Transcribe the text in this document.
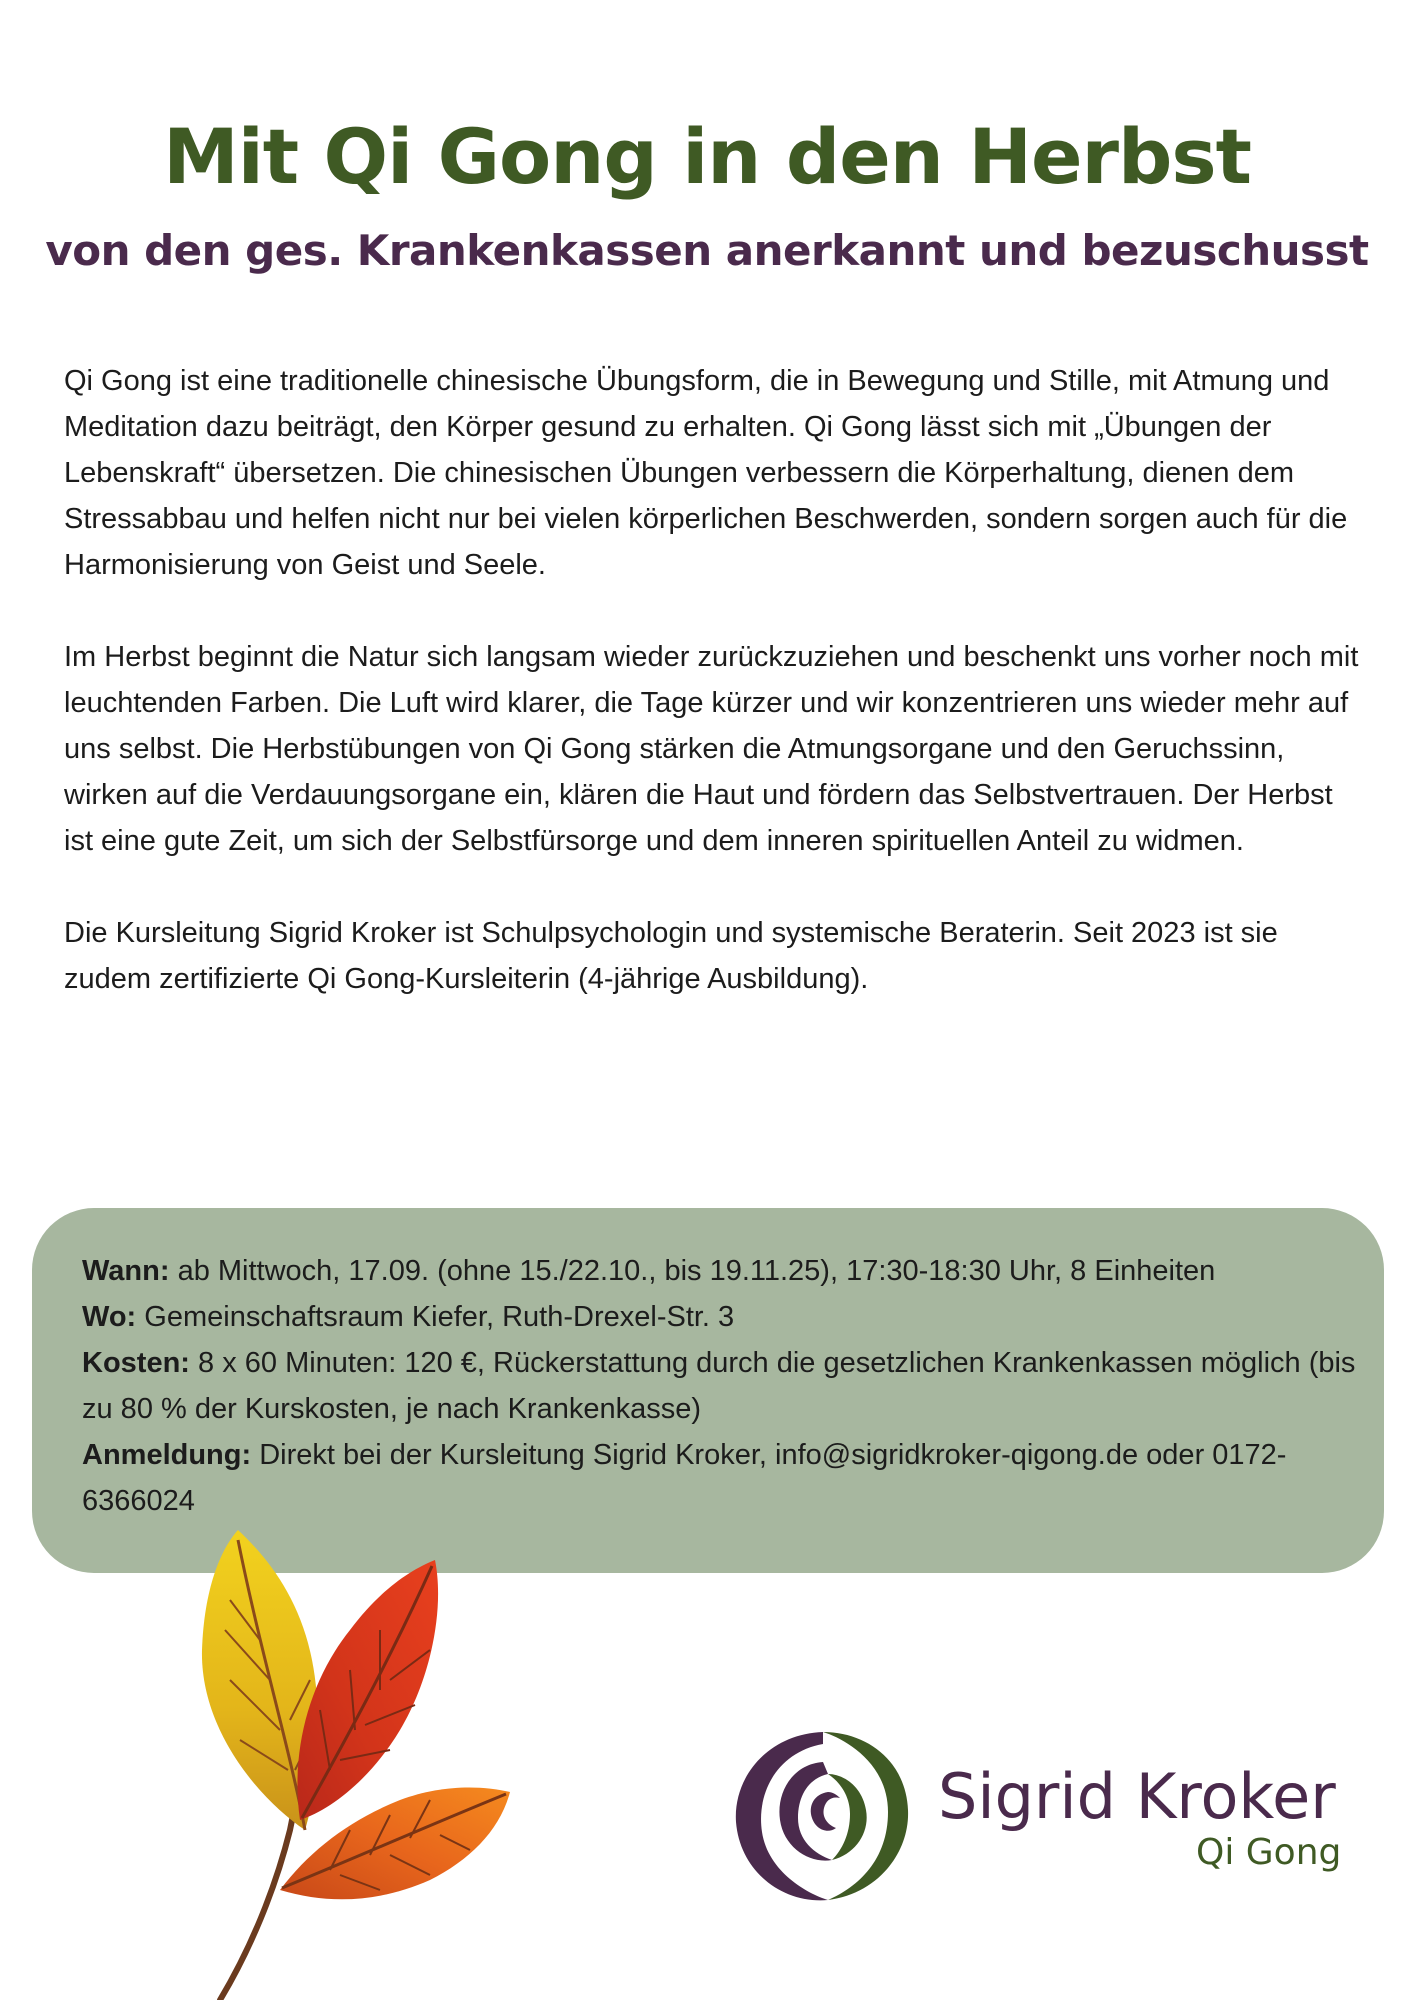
Mit Qi Gong in den Herbst
von den ges. Krankenkassen anerkannt und bezuschusst

Qi Gong ist eine traditionelle chinesische Übungsform, die in Bewegung und Stille, mit Atmung und Meditation dazu beiträgt, den Körper gesund zu erhalten. Qi Gong lässt sich mit „Übungen der Lebenskraft“ übersetzen. Die chinesischen Übungen verbessern die Körperhaltung, dienen dem Stressabbau und helfen nicht nur bei vielen körperlichen Beschwerden, sondern sorgen auch für die Harmonisierung von Geist und Seele.

Im Herbst beginnt die Natur sich langsam wieder zurückzuziehen und beschenkt uns vorher noch mit leuchtenden Farben. Die Luft wird klarer, die Tage kürzer und wir konzentrieren uns wieder mehr auf uns selbst. Die Herbstübungen von Qi Gong stärken die Atmungsorgane und den Geruchssinn, wirken auf die Verdauungsorgane ein, klären die Haut und fördern das Selbstvertrauen. Der Herbst ist eine gute Zeit, um sich der Selbstfürsorge und dem inneren spirituellen Anteil zu widmen.

Die Kursleitung Sigrid Kroker ist Schulpsychologin und systemische Beraterin. Seit 2023 ist sie zudem zertifizierte Qi Gong-Kursleiterin (4-jährige Ausbildung).

Wann: ab Mittwoch, 17.09. (ohne 15./22.10., bis 19.11.25), 17:30-18:30 Uhr, 8 Einheiten

Wo: Gemeinschaftsraum Kiefer, Ruth-Drexel-Str. 3

Kosten: 8 x 60 Minuten: 120 €, Rückerstattung durch die gesetzlichen Krankenkassen möglich (bis zu 80 % der Kurskosten, je nach Krankenkasse)

Anmeldung: Direkt bei der Kursleitung Sigrid Kroker, info@sigridkroker-qigong.de oder 0172-6366024

Sigrid Kroker
Qi Gong
